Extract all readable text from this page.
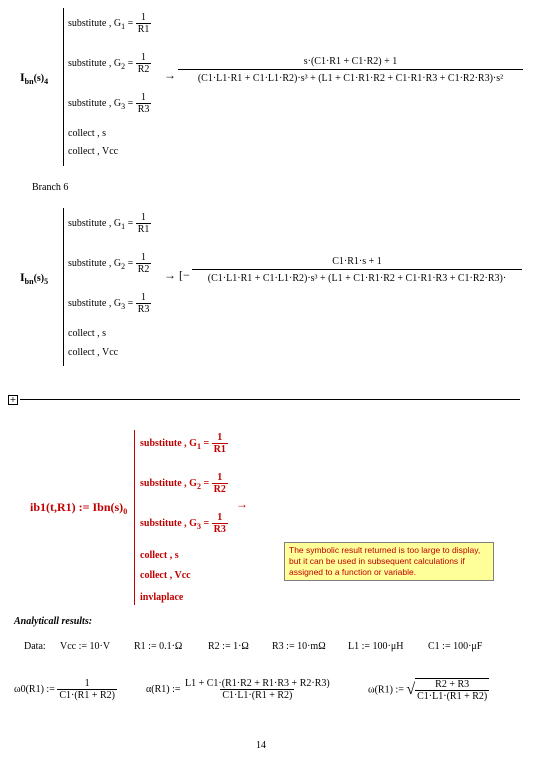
$I_{bn}(s)_4$
substitute , $G_1 = \frac{1}{R1}$
substitute , $G_2 = \frac{1}{R2}$
substitute , $G_3 = \frac{1}{R3}$
collect , s
collect , Vcc
→
s·(C1·R1 + C1·R2) + 1
(C1·L1·R1 + C1·L1·R2)·s³ + (L1 + C1·R1·R2 + C1·R1·R3 + C1·R2·R3)·s²
Branch 6
$I_{bn}(s)_5$
substitute , $G_1 = \frac{1}{R1}$
substitute , $G_2 = \frac{1}{R2}$
substitute , $G_3 = \frac{1}{R3}$
collect , s
collect , Vcc
→ [−
C1·R1·s + 1
(C1·L1·R1 + C1·L1·R2)·s³ + (L1 + C1·R1·R2 + C1·R1·R3 + C1·R2·R3)·
+
ib1(t,R1) := $Ibn(s)_0$
substitute , $G_1 = \frac{1}{R1}$
substitute , $G_2 = \frac{1}{R2}$
substitute , $G_3 = \frac{1}{R3}$
→
collect , s
collect , Vcc
invlaplace
The symbolic result returned is too large to display, but it can be used in subsequent calculations if assigned to a function or variable.
Analyticall results:
Data: Vcc := 10·V R1 := 0.1·Ω	R2 := 1·Ω R3 := 10·mΩ L1 := 100·μH C1 := 100·μF
ω0(R1) := $\frac{1}{C1\cdot(R1 + R2)}$	α(R1) := $\frac{L1 + C1\cdot(R1\cdot R2 + R1\cdot R3 + R2\cdot R3)}{C1\cdot L1\cdot(R1 + R2)}$	ω(R1) := √ $\frac{R2 + R3}{C1\cdot L1\cdot(R1 + R2)}$
14
